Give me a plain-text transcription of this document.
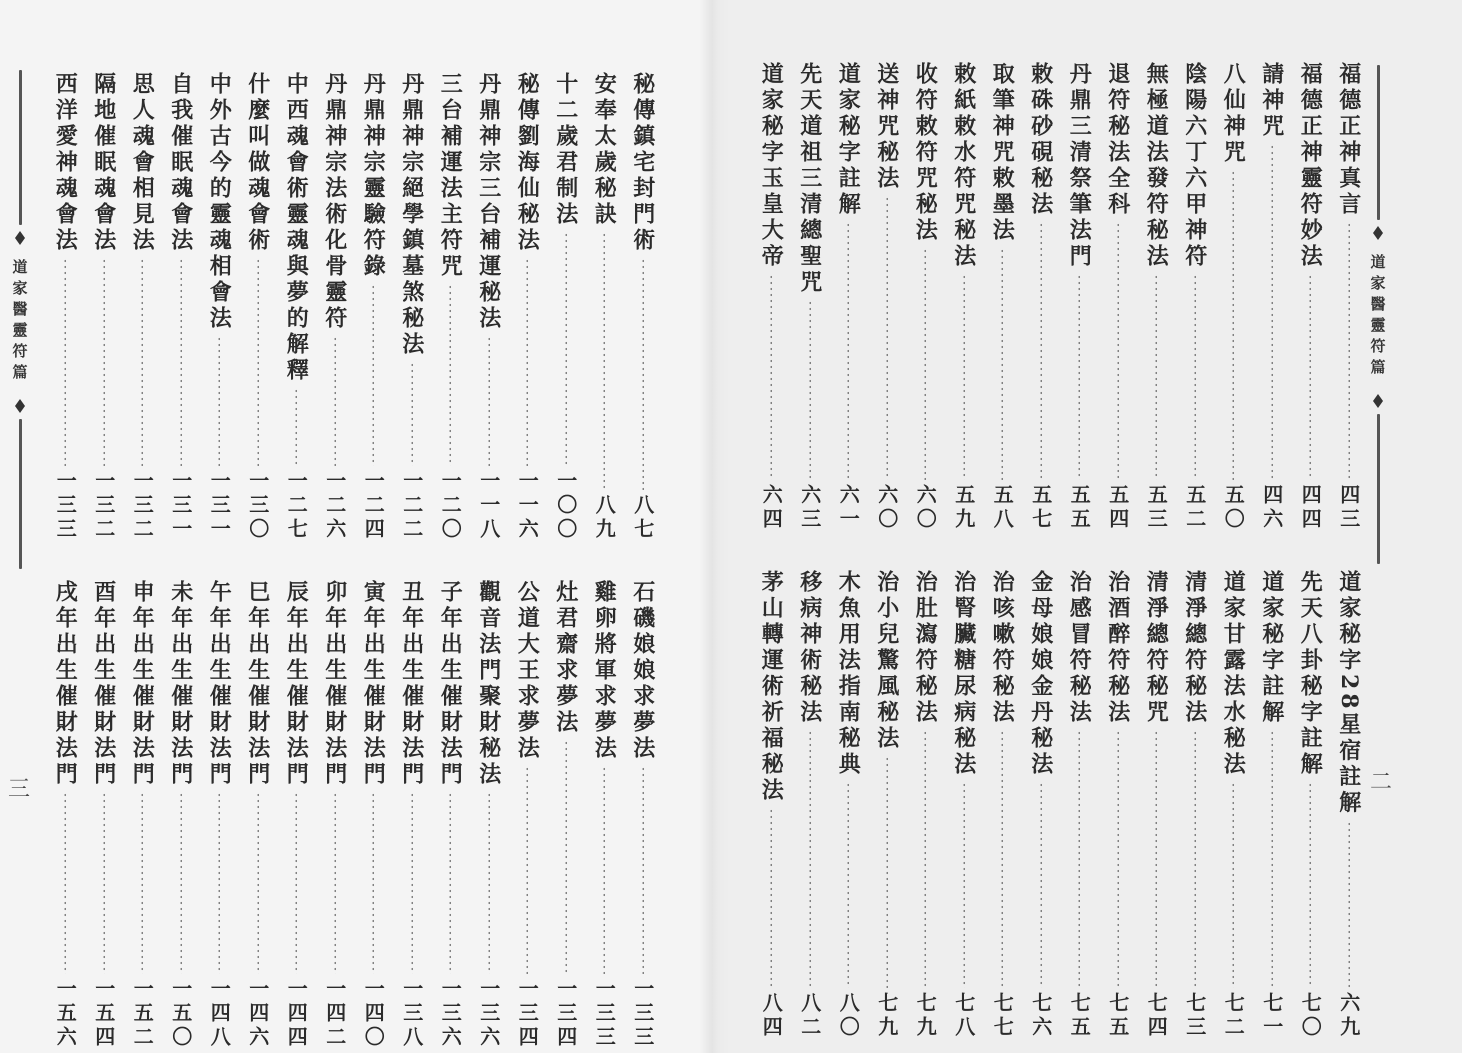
道家醫靈符篇
三
道家醫靈符篇
二
福德正神真言
四三
福德正神靈符妙法
四四
請神咒
四六
八仙神咒
五〇
陰陽六丁六甲神符
五二
無極道法發符秘法
五三
退符秘法全科
五四
丹鼎三清祭筆法門
五五
敕硃砂硯秘法
五七
取筆神咒敕墨法
五八
敕紙敕水符咒秘法
五九
收符敕符咒秘法
六〇
送神咒秘法
六〇
道家秘字註解
六一
先天道祖三清總聖咒
六三
道家秘字玉皇大帝
六四
道家秘字28星宿註解
六九
先天八卦秘字註解
七〇
道家秘字註解
七一
道家甘露法水秘法
七二
清淨總符秘法
七三
清淨總符秘咒
七四
治酒醉符秘法
七五
治感冒符秘法
七五
金母娘娘金丹秘法
七六
治咳嗽符秘法
七七
治腎臟糖尿病秘法
七八
治肚瀉符秘法
七九
治小兒驚風秘法
七九
木魚用法指南秘典
八〇
移病神術秘法
八二
茅山轉運術祈福秘法
八四
秘傳鎮宅封門術
八七
安奉太歲秘訣
八九
十二歲君制法
一〇〇
秘傳劉海仙秘法
一一六
丹鼎神宗三台補運秘法
一一八
三台補運法主符咒
一二〇
丹鼎神宗絕學鎮墓煞秘法
一二二
丹鼎神宗靈驗符錄
一二四
丹鼎神宗法術化骨靈符
一二六
中西魂會術靈魂與夢的解釋
一二七
什麼叫做魂會術
一三〇
中外古今的靈魂相會法
一三一
自我催眠魂會法
一三一
思人魂會相見法
一三二
隔地催眠魂會法
一三二
西洋愛神魂會法
一三三
石磯娘娘求夢法
一三三
雞卵將軍求夢法
一三三
灶君齋求夢法
一三四
公道大王求夢法
一三四
觀音法門聚財秘法
一三六
子年出生催財法門
一三六
丑年出生催財法門
一三八
寅年出生催財法門
一四〇
卯年出生催財法門
一四二
辰年出生催財法門
一四四
巳年出生催財法門
一四六
午年出生催財法門
一四八
未年出生催財法門
一五〇
申年出生催財法門
一五二
酉年出生催財法門
一五四
戌年出生催財法門
一五六
